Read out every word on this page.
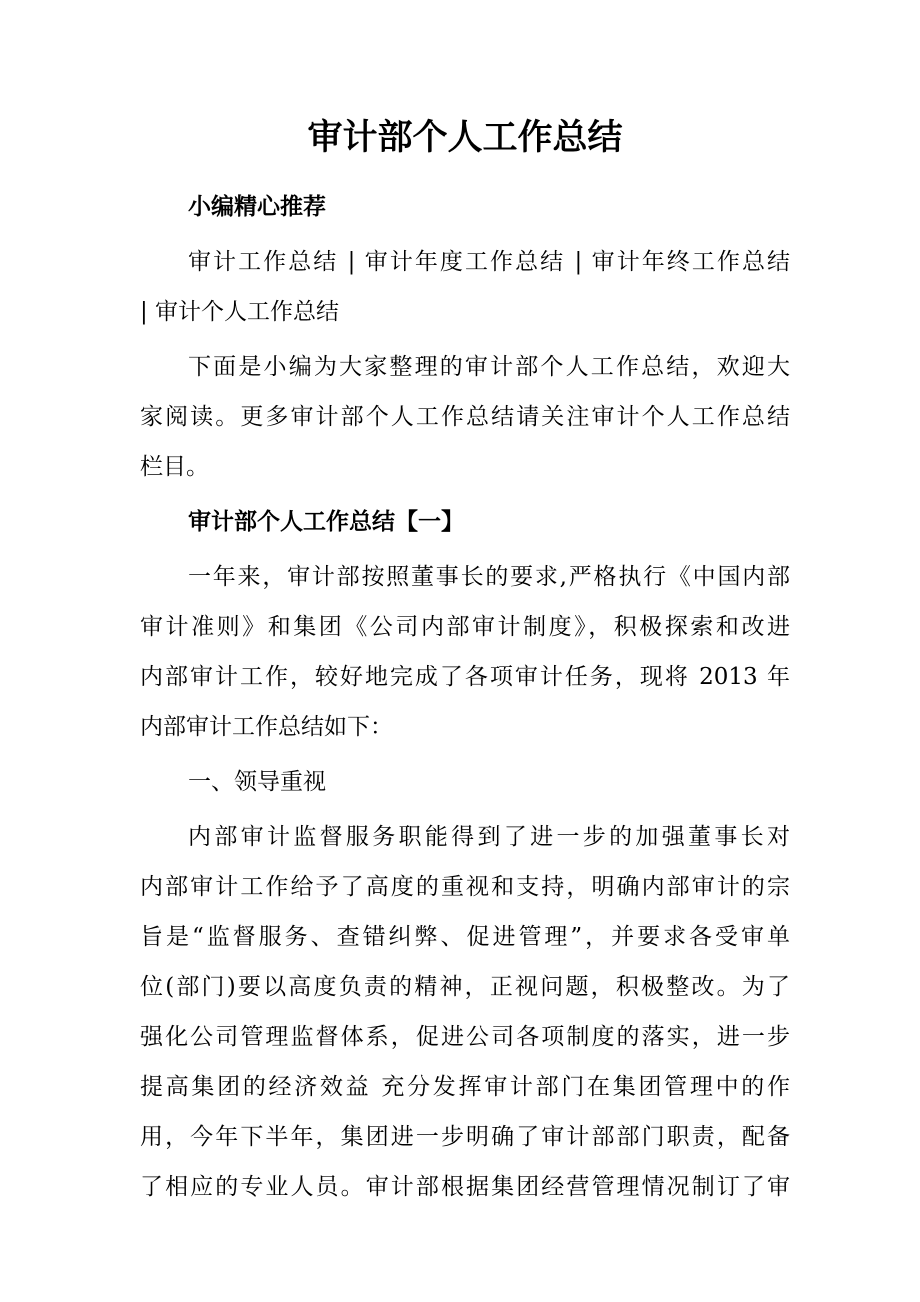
审计部个人工作总结
小编精心推荐
审计工作总结 | 审计年度工作总结 | 审计年终工作总结
| 审计个人工作总结
下面是小编为大家整理的审计部个人工作总结，欢迎大
家阅读。更多审计部个人工作总结请关注审计个人工作总结
栏目。
审计部个人工作总结【一】
一年来，审计部按照董事长的要求,严格执行《中国内部
审计准则》和集团《公司内部审计制度》，积极探索和改进
内部审计工作，较好地完成了各项审计任务，现将 2013 年
内部审计工作总结如下：
一、领导重视
内部审计监督服务职能得到了进一步的加强董事长对
内部审计工作给予了高度的重视和支持，明确内部审计的宗
旨是“监督服务、查错纠弊、促进管理”，并要求各受审单
位(部门)要以高度负责的精神，正视问题，积极整改。为了
强化公司管理监督体系，促进公司各项制度的落实，进一步
提高集团的经济效益 充分发挥审计部门在集团管理中的作
用，今年下半年，集团进一步明确了审计部部门职责，配备
了相应的专业人员。审计部根据集团经营管理情况制订了审
